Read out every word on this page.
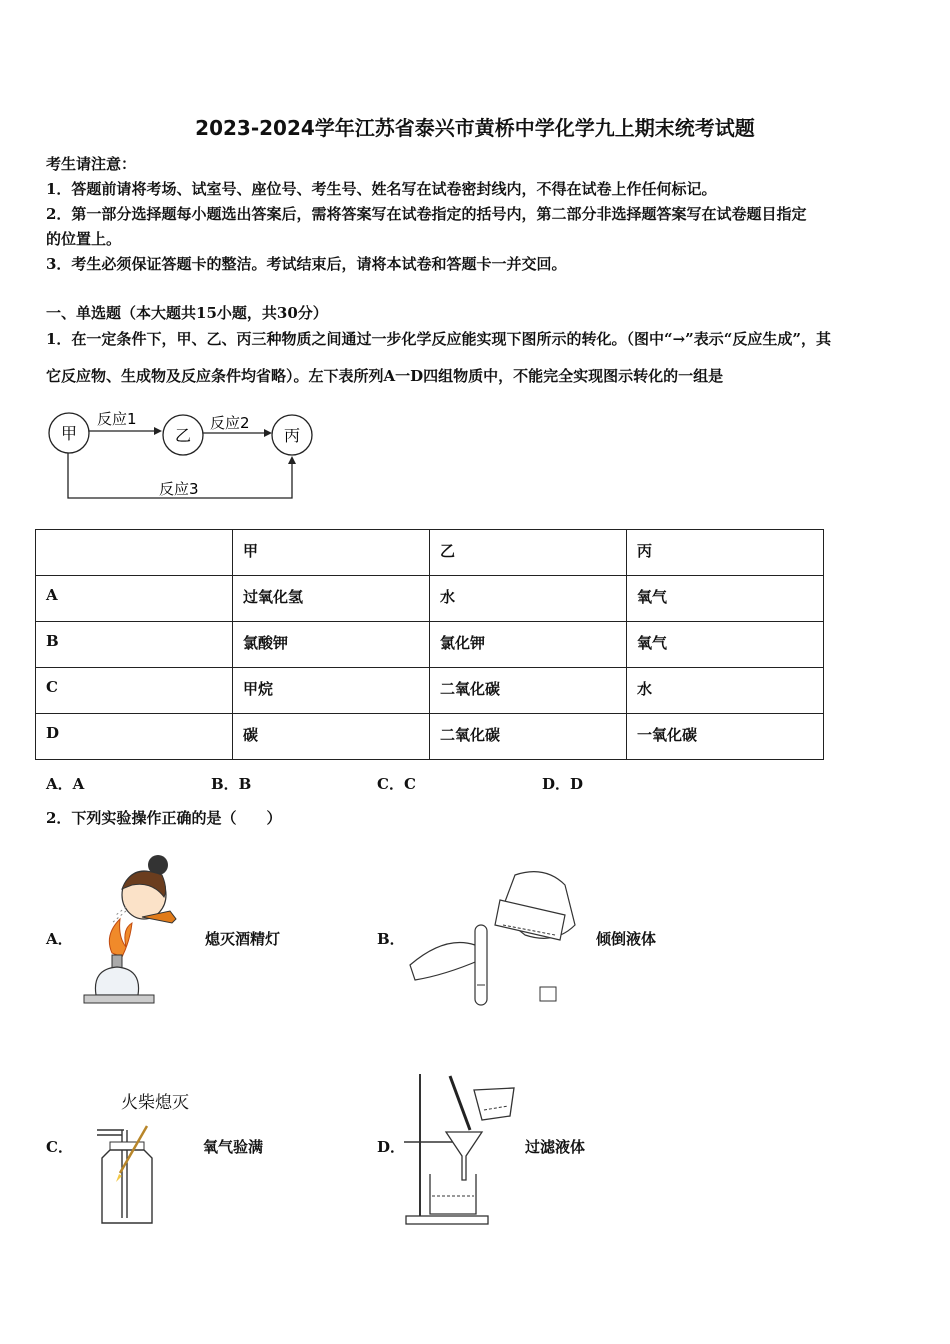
2023-2024学年江苏省泰兴市黄桥中学化学九上期末统考试题
考生请注意：
1．答题前请将考场、试室号、座位号、考生号、姓名写在试卷密封线内，不得在试卷上作任何标记。
2．第一部分选择题每小题选出答案后，需将答案写在试卷指定的括号内，第二部分非选择题答案写在试卷题目指定
的位置上。
3．考生必须保证答题卡的整洁。考试结束后，请将本试卷和答题卡一并交回。
一、单选题（本大题共15小题，共30分）
1．在一定条件下，甲、乙、丙三种物质之间通过一步化学反应能实现下图所示的转化。（图中“→”表示“反应生成”，其
它反应物、生成物及反应条件均省略）。左下表所列A一D四组物质中，不能完全实现图示转化的一组是
甲	乙	丙
反应1	反应2
反应3
	甲	乙	丙
A	过氧化氢	水	氧气
B	氯酸钾	氯化钾	氧气
C	甲烷	二氧化碳	水
D	碳	二氧化碳	一氧化碳
A．A	B．B	C．C	D．D
2．下列实验操作正确的是（　　）
A．	熄灭酒精灯	B．	倾倒液体
C．
火柴熄灭
氧气验满	D．	过滤液体
